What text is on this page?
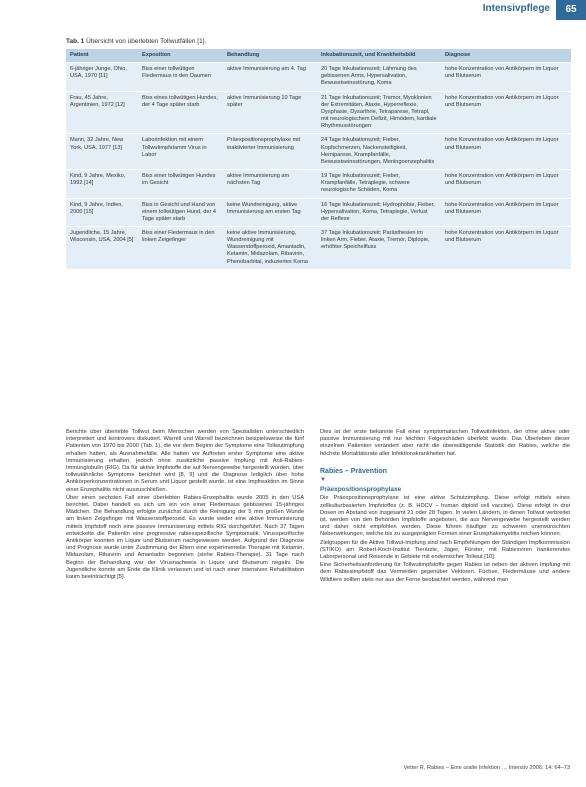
Intensivpflege	65
Tab. 1 Übersicht von überlebten Tollwutfällen [1].
Patient	Exposition	Behandlung	Inkubationszeit, und Krankheitsbild	Diagnose
6-jähriger Junge, Ohio, USA, 1970 [11]	Biss einer tollwütigen Fledermaus in den Daumen	aktive Immunisierung am 4. Tag	20 Tage Inkubationszeit; Lähmung des gebissenen Arms, Hypersalivation, Bewusstseinsstörung, Koma	hohe Konzentration von Antikörpern im Liquor und Blutserum
Frau, 45 Jahre, Argentinien, 1972 [12]	Biss eines tollwütigen Hundes, der 4 Tage später starb	aktive Immunisierung 10 Tage später	21 Tage Inkubationszeit; Tremor, Myoklonien der Extremitäten, Ataxie, Hyperreflexie, Dysphasie, Dysarthrie, Tetraparese, Tetrapl, mit neurologischem Defizit, Hirnödem, kardiale Rhythmusstörungen	hohe Konzentration von Antikörpern im Liquor und Blutserum
Mann, 32 Jahre, New York, USA, 1977 [13]	Laborinfektion mit einem Tollwutimpfstamm Virus in Labor	Präexpositionsprophylaxe mit inaktivierter Immunisierung	24 Tage Inkubationszeit; Fieber, Kopfschmerzen, Nackensteifigkeit, Hemiparese, Krampfanfälle, Bewusstseinsstörungen, Meningoenzephalitis	hohe Konzentration von Antikörpern im Liquor und Blutserum
Kind, 9 Jahre, Mexiko, 1992 [14]	Biss einer tollwütigen Hundes im Gesicht	aktive Immunisierung am nächsten Tag	19 Tage Inkubationszeit; Fieber, Krampfanfälle, Tetraplegie, schwere neurologische Schäden, Koma	hohe Konzentration von Antikörpern im Liquor und Blutserum
Kind, 9 Jahre, Indien, 2000 [15]	Biss in Gesicht und Hand von einem tollwütigen Hund, der 4 Tage später starb	keine Wundreinigung, aktive Immunisierung am ersten Tag	16 Tage Inkubationszeit; Hydrophobie, Fieber, Hypersalivation, Koma, Tetraplegie, Verlust der Reflexe	hohe Konzentration von Antikörpern im Liquor und Blutserum
Jugendliche, 15 Jahre, Wisconsin, USA, 2004 [5]	Biss einer Fledermaus in den linken Zeigefinger	keine aktive Immunisierung, Wundreinigung mit Wasserstoffperoxid, Amantadin, Ketamin, Midazolam, Ribavirin, Phenobarbital, induziertes Koma	37 Tage Inkubationszeit; Parästhesien im linken Arm, Fieber, Ataxie, Tremor, Diplopie, erhöhter Speichelfluss	hohe Konzentration von Antikörpern im Liquor und Blutserum

Berichte über überlebte Tollwut beim Menschen werden von Spezialisten unterschiedlich interpretiert und kontrovers diskutiert. Warrell und Warrell bezeichnen beispielsweise die fünf Patienten von 1970 bis 2000 (Tab. 1), die vor dem Beginn der Symptome eine Tollwutimpfung erhalten hatten, als Ausnahmefälle. Alle hatten vor Auftreten erster Symptome eine aktive Immunisierung erhalten, jedoch ohne zusätzliche passive Impfung mit Anti-Rabies-Immunglobulin (RIG). Da für aktive Impfstoffe die auf Nervengewebe hergestellt wurden, über tollwutähnliche Symptome berichtet wird [8, 9] und die Diagnose lediglich über hohe Antikörperkonzentrationen in Serum und Liquor gestellt wurde, ist eine Impfreaktion im Sinne einer Enzephalitis nicht auszuschließen.

Über einen sechsten Fall einer überlebten Rabies-Enzephalitis wurde 2005 in den USA berichtet. Dabei handelt es sich um ein von einer Fledermaus gebissenes 15-jähriges Mädchen. Die Behandlung erfolgte zunächst durch die Reinigung der 5 mm großen Wunde am linken Zeigefinger mit Wasserstoffperoxid. Es wurde weder eine aktive Immunisierung mittels Impfstoff noch eine passive Immunisierung mittels RIG durchgeführt. Nach 37 Tagen entwickelte die Patientin eine progressive rabiesspezifische Symptomatik. Virusspezifische Antikörper konnten im Liquor und Blutserum nachgewiesen werden. Aufgrund der Diagnose und Prognose wurde unter Zustimmung der Eltern eine experimentelle Therapie mit Ketamin, Midazolam, Ribavirin und Amantadin begonnen (siehe Rabies-Therapie). 31 Tage nach Beginn der Behandlung war der Virusnachweis in Liquor und Blutserum negativ. Die Jugendliche konnte am Ende die Klinik verlassen und ist nach einer intensiven Rehabilitation kaum beeinträchtigt [5].

Dies ist der erste bekannte Fall einer symptomatischen Tollwutinfektion, der ohne aktive oder passive Immunisierung mit nur leichten Folgeschäden überlebt wurde. Das Überleben dieser einzelnen Patienten verändert aber nicht die überwältigende Statistik der Rabies, welche die höchste Mortalitätsrate aller Infektionskrankheiten hat.

Rabies – Prävention
▼
Präexpositionsprophylaxe

Die Präexpositionsprophylaxe ist eine aktive Schutzimpfung. Diese erfolgt mittels eines zellkulturbasierten Impfstoffes (z. B. HDCV – human diploid cell vaccine). Diese erfolgt in drei Dosen im Abstand von insgesamt 21 oder 28 Tagen. In vielen Ländern, in denen Tollwut verbreitet ist, werden von den Behörden Impfstoffe angeboten, die aus Nervengewebe hergestellt werden und daher nicht empfohlen werden. Diese führen häufiger zu schweren unerwünschten Nebenwirkungen, welche bis zu ausgeprägten Formen einer Enzephalomyelitis reichen können.

Zielgruppen für die Aktive Tollwut-Impfung sind nach Empfehlungen der Ständigen Impfkommission (STIKO) am Robert-Koch-Institut Tierärzte, Jäger, Förster, mit Rabiesviren hantierendes Laborpersonal und Reisende in Gebiete mit endemischer Tollwut [10].

Eine Sicherheitsanforderung für Tollwutimpfstoffe gegen Rabies ist neben der aktiven Impfung mit dem Rabiesimpfstoff das Vermeiden gegenüber Vektoren. Füchse, Fledermäuse und andere Wildtiere sollten stets nur aus der Ferne beobachtet werden, während man

Vetter R, Rabies – Eine uralte Infektion … Intensiv 2006; 14: 64–73
